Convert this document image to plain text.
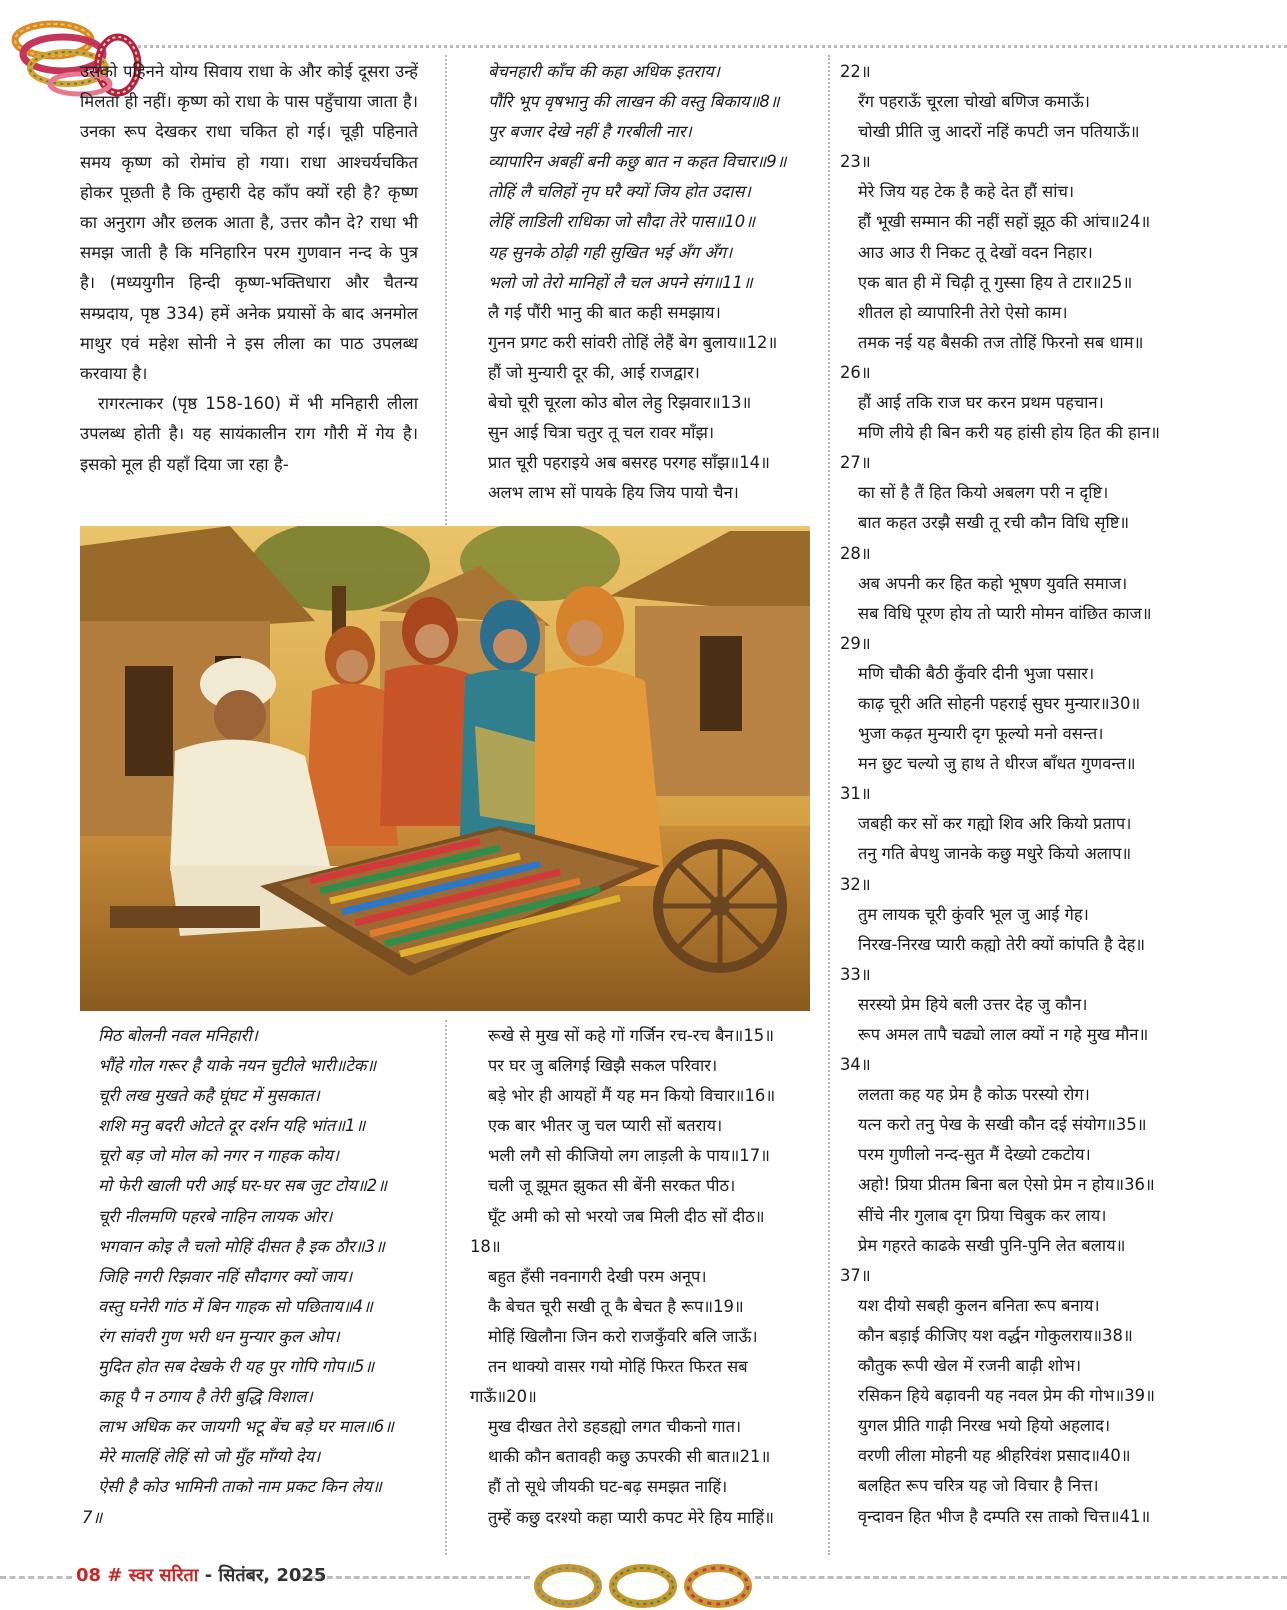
उसको पहिनने योग्य सिवाय राधा के और कोई दूसरा उन्हें मिलता ही नहीं। कृष्ण को राधा के पास पहुँचाया जाता है। उनका रूप देखकर राधा चकित हो गई। चूड़ी पहिनाते समय कृष्ण को रोमांच हो गया। राधा आश्चर्यचकित होकर पूछती है कि तुम्हारी देह काँप क्यों रही है? कृष्ण का अनुराग और छलक आता है, उत्तर कौन दे? राधा भी समझ जाती है कि मनिहारिन परम गुणवान नन्द के पुत्र है। (मध्ययुगीन हिन्दी कृष्ण-भक्तिधारा और चैतन्य सम्प्रदाय, पृष्ठ 334) हमें अनेक प्रयासों के बाद अनमोल माथुर एवं महेश सोनी ने इस लीला का पाठ उपलब्ध करवाया है।
रागरत्नाकर (पृष्ठ 158-160) में भी मनिहारी लीला उपलब्ध होती है। यह सायंकालीन राग गौरी में गेय है। इसको मूल ही यहाँ दिया जा रहा है-

बेचनहारी काँच की कहा अधिक इतराय।
पौंरि भूप वृषभानु की लाखन की वस्तु बिकाय॥8॥
पुर बजार देखे नहीं है गरबीली नार।
व्यापारिन अबहीं बनी कछु बात न कहत विचार॥9॥
तोहिं लै चलिहों नृप घरै क्यों जिय होत उदास।
लेहिं लाडिली राधिका जो सौदा तेरे पास॥10॥
यह सुनके ठोढ़ी गही सुखित भई अँग अँग।
भलो जो तेरो मानिहों लै चल अपने संग॥11॥
लै गई पौंरी भानु की बात कही समझाय।
गुनन प्रगट करी सांवरी तोहिं लेहैं बेग बुलाय॥12॥
हौं जो मुन्यारी दूर की, आई राजद्वार।
बेचो चूरी चूरला कोउ बोल लेहु रिझवार॥13॥
सुन आई चित्रा चतुर तू चल रावर माँझ।
प्रात चूरी पहराइये अब बसरह परगह साँझ॥14॥
अलभ लाभ सों पायके हिय जिय पायो चैन।
मिठ बोलनी नवल मनिहारी।
भौंहे गोल गरूर है याके नयन चुटीले भारी॥टेक॥
चूरी लख मुखते कहै घूंघट में मुसकात।
शशि मनु बदरी ओटते दूर दर्शन यहि भांत॥1॥
चूरो बड़ जो मोल को नगर न गाहक कोय।
मो फेरी खाली परी आई घर-घर सब जुट टोय॥2॥
चूरी नीलमणि पहरबे नाहिन लायक ओर।
भगवान कोइ लै चलो मोहिं दीसत है इक ठौर॥3॥
जिहि नगरी रिझवार नहिं सौदागर क्यों जाय।
वस्तु घनेरी गांठ में बिन गाहक सो पछिताय॥4॥
रंग सांवरी गुण भरी धन मुन्यार कुल ओप।
मुदित होत सब देखके री यह पुर गोपि गोप॥5॥
काहू पै न ठगाय है तेरी बुद्धि विशाल।
लाभ अधिक कर जायगी भटू बेंच बड़े घर माल॥6॥
मेरे मालहिं लेहिं सो जो मुँह माँग्यो देय।
ऐसी है कोउ भामिनी ताको नाम प्रकट किन लेय॥
7॥
रूखे से मुख सों कहे गों गर्जिन रच-रच बैन॥15॥
पर घर जु बलिगई खिझै सकल परिवार।
बड़े भोर ही आयहों मैं यह मन कियो विचार॥16॥
एक बार भीतर जु चल प्यारी सों बतराय।
भली लगै सो कीजियो लग लाड़ली के पाय॥17॥
चली जू झूमत झुकत सी बेंनी सरकत पीठ।
घूँट अमी को सो भरयो जब मिली दीठ सों दीठ॥
18॥
बहुत हँसी नवनागरी देखी परम अनूप।
कै बेचत चूरी सखी तू कै बेचत है रूप॥19॥
मोहिं खिलौना जिन करो राजकुँवरि बलि जाऊँ।
तन थाक्यो वासर गयो मोहिं फिरत फिरत सब
गाऊँ॥20॥
मुख दीखत तेरो डहडह्यो लगत चीकनो गात।
थाकी कौन बतावही कछु ऊपरकी सी बात॥21॥
हौं तो सूधे जीयकी घट-बढ़ समझत नाहिं।
तुम्हें कछु दरश्यो कहा प्यारी कपट मेरे हिय माहिं॥
22॥
रँग पहराऊँ चूरला चोखो बणिज कमाऊँ।
चोखी प्रीति जु आदरों नहिं कपटी जन पतियाऊँ॥
23॥
मेरे जिय यह टेक है कहे देत हौं सांच।
हौं भूखी सम्मान की नहीं सहों झूठ की आंच॥24॥
आउ आउ री निकट तू देखों वदन निहार।
एक बात ही में चिढ़ी तू गुस्सा हिय ते टार॥25॥
शीतल हो व्यापारिनी तेरो ऐसो काम।
तमक नई यह बैसकी तज तोहिं फिरनो सब धाम॥
26॥
हौं आई तकि राज घर करन प्रथम पहचान।
मणि लीये ही बिन करी यह हांसी होय हित की हान॥
27॥
का सों है तैं हित कियो अबलग परी न दृष्टि।
बात कहत उरझै सखी तू रची कौन विधि सृष्टि॥
28॥
अब अपनी कर हित कहो भूषण युवति समाज।
सब विधि पूरण होय तो प्यारी मोमन वांछित काज॥
29॥
मणि चौकी बैठी कुँवरि दीनी भुजा पसार।
काढ़ चूरी अति सोहनी पहराई सुघर मुन्यार॥30॥
भुजा कढ़त मुन्यारी दृग फूल्यो मनो वसन्त।
मन छुट चल्यो जु हाथ ते धीरज बाँधत गुणवन्त॥
31॥
जबही कर सों कर गह्यो शिव अरि कियो प्रताप।
तनु गति बेपथु जानके कछु मधुरे कियो अलाप॥
32॥
तुम लायक चूरी कुंवरि भूल जु आई गेह।
निरख-निरख प्यारी कह्यो तेरी क्यों कांपति है देह॥
33॥
सरस्यो प्रेम हिये बली उत्तर देह जु कौन।
रूप अमल तापै चढ्यो लाल क्यों न गहे मुख मौन॥
34॥
ललता कह यह प्रेम है कोऊ परस्यो रोग।
यत्न करो तनु पेख के सखी कौन दई संयोग॥35॥
परम गुणीलो नन्द-सुत मैं देख्यो टकटोय।
अहो! प्रिया प्रीतम बिना बल ऐसो प्रेम न होय॥36॥
सींचे नीर गुलाब दृग प्रिया चिबुक कर लाय।
प्रेम गहरते काढके सखी पुनि-पुनि लेत बलाय॥
37॥
यश दीयो सबही कुलन बनिता रूप बनाय।
कौन बड़ाई कीजिए यश वर्द्धन गोकुलराय॥38॥
कौतुक रूपी खेल में रजनी बाढ़ी शोभ।
रसिकन हिये बढ़ावनी यह नवल प्रेम की गोभ॥39॥
युगल प्रीति गाढ़ी निरख भयो हियो अहलाद।
वरणी लीला मोहनी यह श्रीहरिवंश प्रसाद॥40॥
बलहित रूप चरित्र यह जो विचार है नित्त।
वृन्दावन हित भीज है दम्पति रस ताको चित्त॥41॥
08 # स्वर सरिता - सितंबर, 2025
